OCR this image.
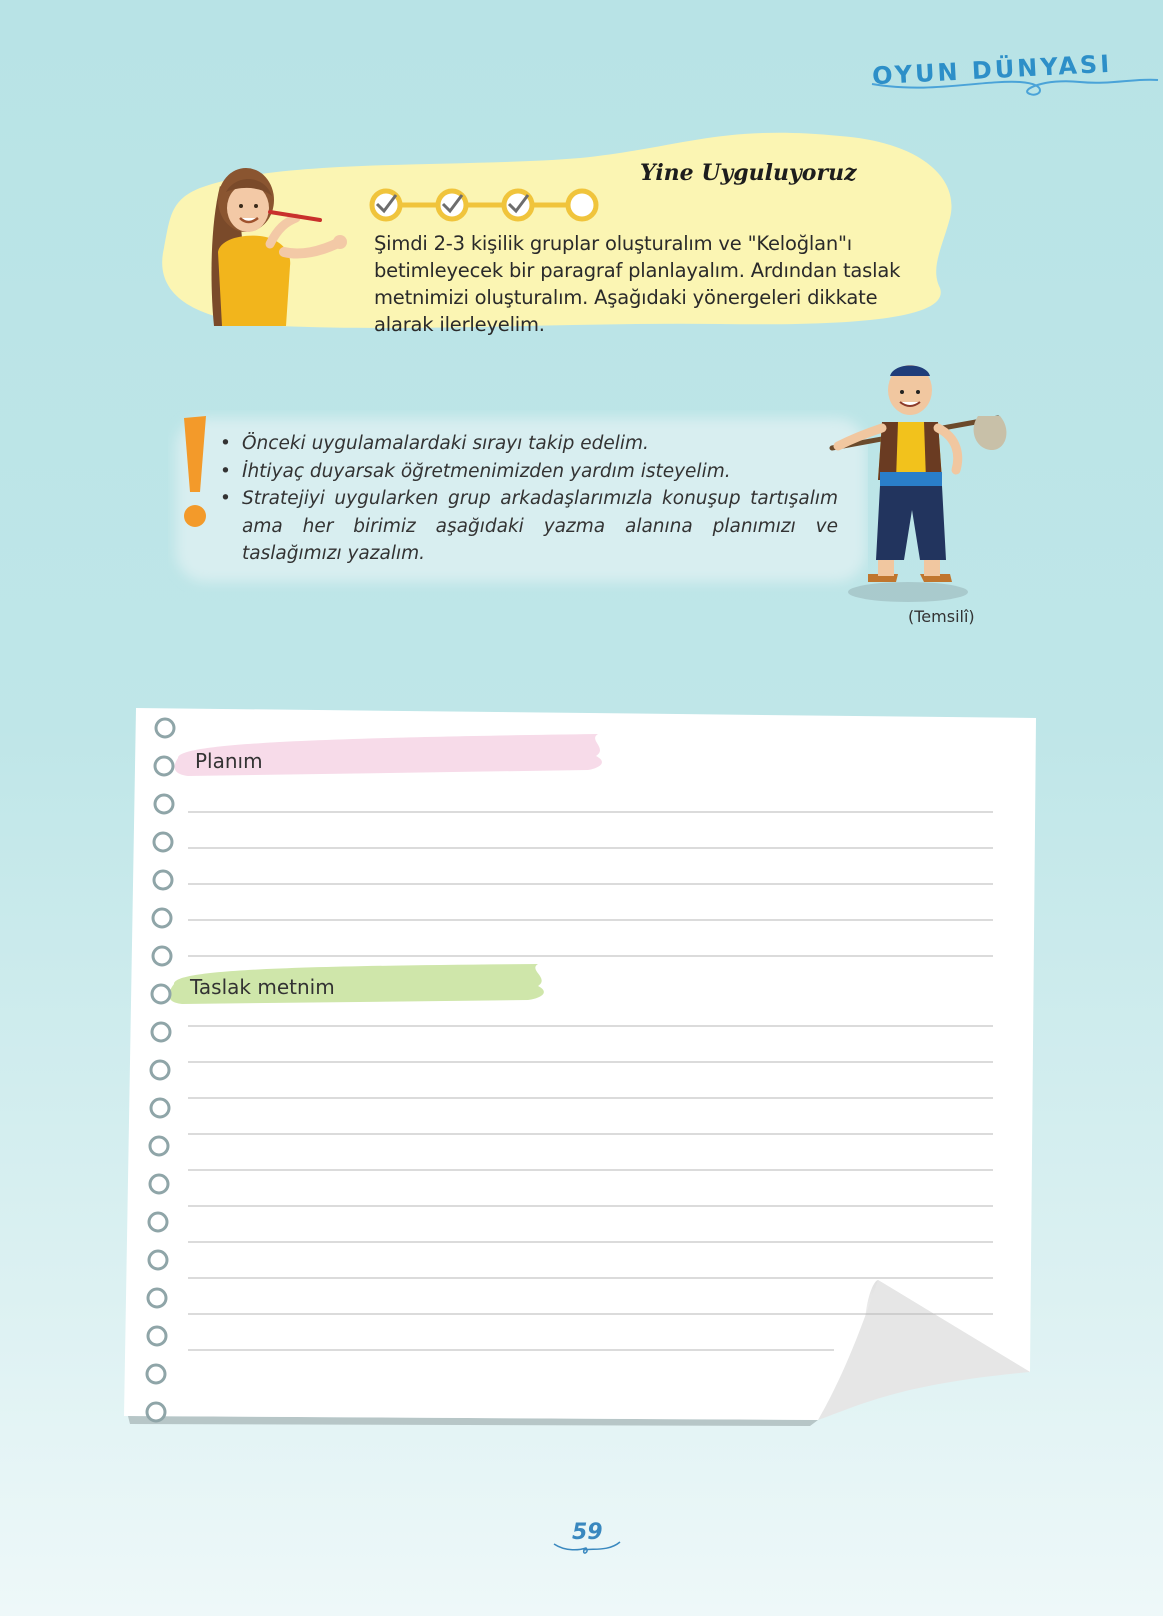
OYUN DÜNYASI
Yine Uyguluyoruz
Şimdi 2-3 kişilik gruplar oluşturalım ve "Keloğlan"ı betimleyecek bir paragraf planlayalım. Ardından taslak metnimizi oluşturalım. Aşağıdaki yönergeleri dikkate alarak ilerleyelim.
• Önceki uygulamalardaki sırayı takip edelim.
• İhtiyaç duyarsak öğretmenimizden yardım isteyelim.
• Stratejiyi uygularken grup arkadaşlarımızla konuşup tartışalım ama her birimiz aşağıdaki yazma alanına planımızı ve taslağımızı yazalım.
(Temsilî)
Planım
Taslak metnim
59
